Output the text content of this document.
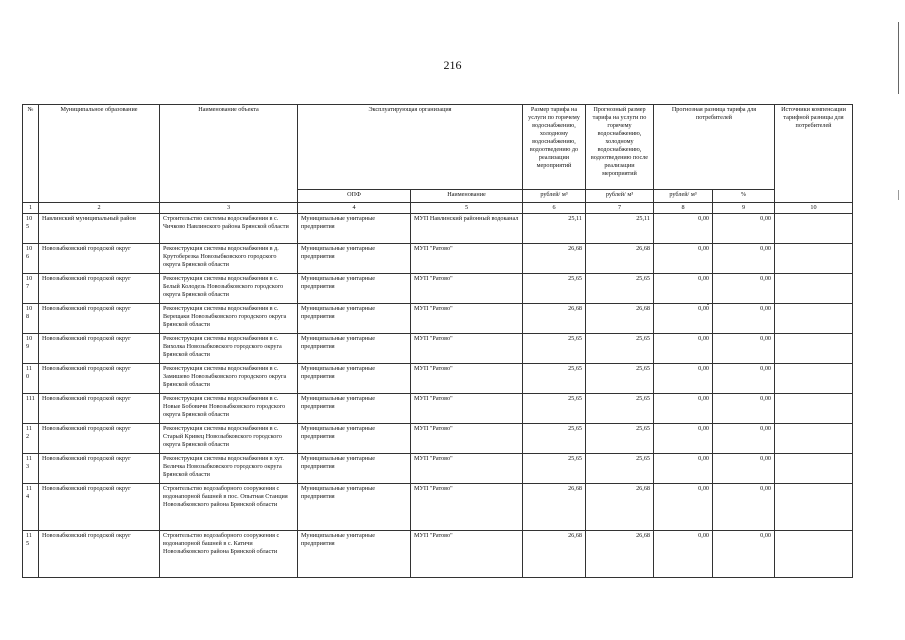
216
№	Муниципальное образование	Наименование объекта	Эксплуатирующая организация		Размер тарифа на услуги по горячему водоснабжению, холодному водоснабжению, водоотведению до реализации мероприятий	Прогнозный размер тарифа на услуги по горячему водоснабжению, холодному водоснабжению, водоотведению после реализации мероприятий	Прогнозная разница тарифа для потребителей		Источники компенсации тарифной разницы для потребителей
			ОПФ	Наименование	рублей/ м³	рублей/ м³	рублей/ м³	%	
1	2	3	4	5	6	7	8	9	10
105	Навлинский муниципальный район	Строительство системы водоснабжения в с. Чичково Навлинского района Брянской области	Муниципальные унитарные предприятия	МУП Навлинский районный водоканал	25,11	25,11	0,00	0,00	
106	Новозыбковский городской округ	Реконструкция системы водоснабжения в д. Крутоберезка Новозыбковского городского округа Брянской области	Муниципальные унитарные предприятия	МУП "Ратово"	26,68	26,68	0,00	0,00	
107	Новозыбковский городской округ	Реконструкция системы водоснабжения в с. Белый Колодезь Новозыбковского городского округа Брянской области	Муниципальные унитарные предприятия	МУП "Ратово"	25,65	25,65	0,00	0,00	
108	Новозыбковский городской округ	Реконструкция системы водоснабжения в с. Верещаки Новозыбковского городского округа Брянской области	Муниципальные унитарные предприятия	МУП "Ратово"	26,68	26,68	0,00	0,00	
109	Новозыбковский городской округ	Реконструкция системы водоснабжения в с. Вихолка Новозыбковского городского округа Брянской области	Муниципальные унитарные предприятия	МУП "Ратово"	25,65	25,65	0,00	0,00	
110	Новозыбковский городской округ	Реконструкция системы водоснабжения в с. Замишево Новозыбковского городского округа Брянской области	Муниципальные унитарные предприятия	МУП "Ратово"	25,65	25,65	0,00	0,00	
111	Новозыбковский городской округ	Реконструкция системы водоснабжения в с. Новые Бобовичи Новозыбковского городского округа Брянской области	Муниципальные унитарные предприятия	МУП "Ратово"	25,65	25,65	0,00	0,00	
112	Новозыбковский городской округ	Реконструкция системы водоснабжения в с. Старый Кривец Новозыбковского городского округа Брянской области	Муниципальные унитарные предприятия	МУП "Ратово"	25,65	25,65	0,00	0,00	
113	Новозыбковский городской округ	Реконструкция системы водоснабжения в хут. Величка Новозыбковского городского округа Брянской области	Муниципальные унитарные предприятия	МУП "Ратово"	25,65	25,65	0,00	0,00	
114	Новозыбковский городской округ	Строительство водозаборного сооружения с водонапорной башней в пос. Опытная Станция Новозыбковского района Брянской области	Муниципальные унитарные предприятия	МУП "Ратово"	26,68	26,68	0,00	0,00	
115	Новозыбковский городской округ	Строительство водозаборного сооружения с водонапорной башней в с. Катичи Новозыбковского района Брянской области	Муниципальные унитарные предприятия	МУП "Ратово"	26,68	26,68	0,00	0,00	
